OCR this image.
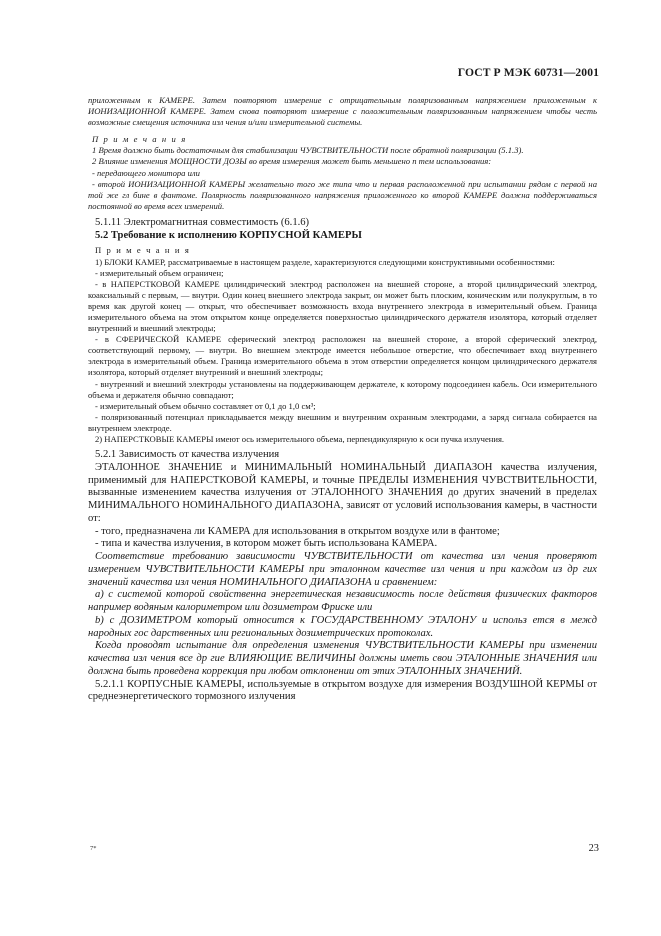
ГОСТ Р МЭК 60731—2001

приложенным к КАМЕРЕ. Затем повторяют измерение с отрицательным поляризованным напряжением приложенным к ИОНИЗАЦИОННОЙ КАМЕРЕ. Затем снова повторяют измерение с положительным поляризованным напряжением чтобы честь возможные смещения источника изл чения и/или измерительной системы.

П р и м е ч а н и я

1 Время должно быть достаточным для стабилизации ЧУВСТВИТЕЛЬНОСТИ после обратной поляризации (5.1.3).

2 Влияние изменения МОЩНОСТИ ДОЗЫ во время измерения может быть меньшено п тем использования:

- передающего монитора или

- второй ИОНИЗАЦИОННОЙ КАМЕРЫ желательно того же типа что и первая расположенной при испытании рядом с первой на той же гл бине в фантоме. Полярность поляризованного напряжения приложенного ко второй КАМЕРЕ должна поддерживаться постоянной во время всех измерений.

5.1.11 Электромагнитная совместимость (6.1.6)

5.2 Требование к исполнению КОРПУСНОЙ КАМЕРЫ

П р и м е ч а н и я

1) БЛОКИ КАМЕР, рассматриваемые в настоящем разделе, характеризуются следующими конструктивными особенностями:

- измерительный объем ограничен;

- в НАПЕРСТКОВОЙ КАМЕРЕ цилиндрический электрод расположен на внешней стороне, а второй цилиндрический электрод, коаксиальный с первым, — внутри. Один конец внешнего электрода закрыт, он может быть плоским, коническим или полукруглым, в то время как другой конец — открыт, что обеспечивает возможность входа внутреннего электрода в измерительный объем. Граница измерительного объема на этом открытом конце определяется поверхностью цилиндрического держателя изолятора, который отделяет внутренний и внешний электроды;

- в СФЕРИЧЕСКОЙ КАМЕРЕ сферический электрод расположен на внешней стороне, а второй сферический электрод, соответствующий первому, — внутри. Во внешнем электроде имеется небольшое отверстие, что обеспечивает вход внутреннего электрода в измерительный объем. Граница измерительного объема в этом отверстии определяется концом цилиндрического держателя изолятора, который отделяет внутренний и внешний электроды;

- внутренний и внешний электроды установлены на поддерживающем держателе, к которому подсоединен кабель. Оси измерительного объема и держателя обычно совпадают;

- измерительный объем обычно составляет от 0,1 до 1,0 см³;

- поляризованный потенциал прикладывается между внешним и внутренним охранным электродами, а заряд сигнала собирается на внутреннем электроде.

2) НАПЕРСТКОВЫЕ КАМЕРЫ имеют ось измерительного объема, перпендикулярную к оси пучка излучения.

5.2.1 Зависимость от качества излучения

ЭТАЛОННОЕ ЗНАЧЕНИЕ и МИНИМАЛЬНЫЙ НОМИНАЛЬНЫЙ ДИАПАЗОН качества излучения, применимый для НАПЕРСТКОВОЙ КАМЕРЫ, и точные ПРЕДЕЛЫ ИЗМЕНЕНИЯ ЧУВСТВИТЕЛЬНОСТИ, вызванные изменением качества излучения от ЭТАЛОННОГО ЗНАЧЕНИЯ до других значений в пределах МИНИМАЛЬНОГО НОМИНАЛЬНОГО ДИАПАЗОНА, зависят от условий использования камеры, в частности от:

- того, предназначена ли КАМЕРА для использования в открытом воздухе или в фантоме;

- типа и качества излучения, в котором может быть использована КАМЕРА.

Соответствие требованию зависимости ЧУВСТВИТЕЛЬНОСТИ от качества изл чения проверяют измерением ЧУВСТВИТЕЛЬНОСТИ КАМЕРЫ при эталонном качестве изл чения и при каждом из др гих значений качества изл чения НОМИНАЛЬНОГО ДИАПАЗОНА и сравнением:

a) с системой которой свойственна энергетическая независимость после действия физических факторов например водяным калориметром или дозиметром Фриске или

b) с ДОЗИМЕТРОМ который относится к ГОСУДАРСТВЕННОМУ ЭТАЛОНУ и использ ется в межд народных гос дарственных или региональных дозиметрических протоколах.

Когда проводят испытание для определения изменения ЧУВСТВИТЕЛЬНОСТИ КАМЕРЫ при изменении качества изл чения все др гие ВЛИЯЮЩИЕ ВЕЛИЧИНЫ должны иметь свои ЭТАЛОННЫЕ ЗНАЧЕНИЯ или должна быть проведена коррекция при любом отклонении от этих ЭТАЛОННЫХ ЗНАЧЕНИЙ.

5.2.1.1 КОРПУСНЫЕ КАМЕРЫ, используемые в открытом воздухе для измерения ВОЗДУШНОЙ КЕРМЫ от среднеэнергетического тормозного излучения

7*	23
